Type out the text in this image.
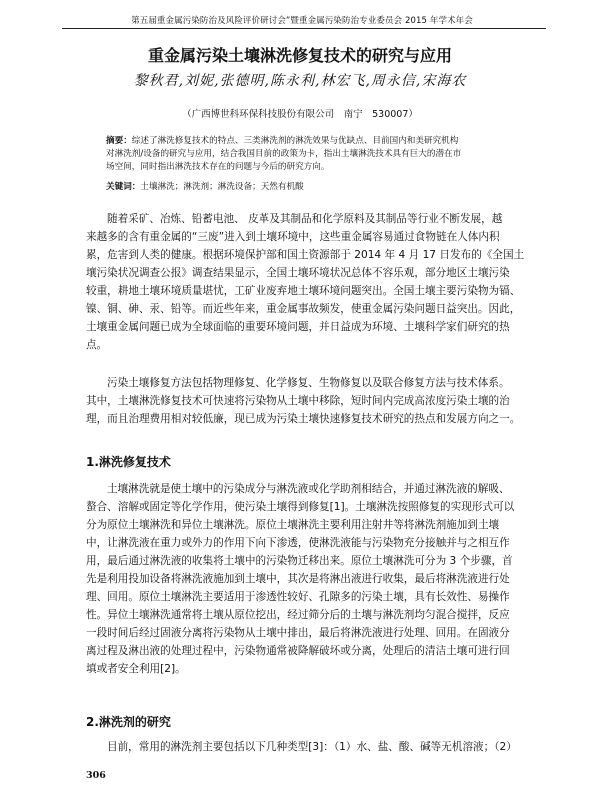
第五届重金属污染防治及风险评价研讨会”暨重金属污染防治专业委员会 2015 年学术年会
重金属污染土壤淋洗修复技术的研究与应用
黎秋君,刘妮,张德明,陈永利,林宏飞,周永信,宋海农
（广西博世科环保科技股份有限公司　南宁　530007）
摘要：综述了淋洗修复技术的特点、三类淋洗剂的淋洗效果与优缺点、目前国内和美研究机构
对淋洗剂/设备的研究与应用，结合我国目前的政策为卡，指出土壤淋洗技术具有巨大的潜在市
场空间，同时指出淋洗技术存在的问题与今后的研究方向。
关键词：土壤淋洗；淋洗剂；淋洗设备；天然有机酸
随着采矿、冶炼、铅蓄电池、 皮革及其制品和化学原料及其制品等行业不断发展，越
来越多的含有重金属的“三废”进入到土壤环境中，这些重金属容易通过食物链在人体内积
累，危害到人类的健康。根据环境保护部和国土资源部于 2014 年 4 月 17 日发布的《全国土
壤污染状况调查公报》调查结果显示，全国土壤环境状况总体不容乐观，部分地区土壤污染
较重，耕地土壤环境质量堪忧，工矿业废弃地土壤环境问题突出。全国土壤主要污染物为镉、
镍、铜、砷、汞、铅等。而近些年来，重金属事故频发，使重金属污染问题日益突出。因此，
土壤重金属问题已成为全球面临的重要环境问题，并日益成为环境、土壤科学家们研究的热
点。
污染土壤修复方法包括物理修复、化学修复、生物修复以及联合修复方法与技术体系。
其中，土壤淋洗修复技术可快速将污染物从土壤中移除，短时间内完成高浓度污染土壤的治
理，而且治理费用相对较低廉，现已成为污染土壤快速修复技术研究的热点和发展方向之一。
1.淋洗修复技术
土壤淋洗就是使土壤中的污染成分与淋洗液或化学助剂相结合，并通过淋洗液的解吸、
螯合、溶解或固定等化学作用，使污染土壤得到修复[1]。土壤淋洗按照修复的实现形式可以
分为原位土壤淋洗和异位土壤淋洗。原位土壤淋洗主要利用注射井等将淋洗剂施加到土壤
中，让淋洗液在重力或外力的作用下向下渗透，使淋洗液能与污染物充分接触并与之相互作
用，最后通过淋洗液的收集将土壤中的污染物迁移出来。原位土壤淋洗可分为 3 个步骤，首
先是利用投加设备将淋洗液施加到土壤中，其次是将淋出液进行收集，最后将淋洗液进行处
理、回用。原位土壤淋洗主要适用于渗透性较好、孔隙多的污染土壤，具有长效性、易操作
性。异位土壤淋洗通常将土壤从原位挖出，经过筛分后的土壤与淋洗剂均匀混合搅拌，反应
一段时间后经过固液分离将污染物从土壤中排出，最后将淋洗液进行处理、回用。在固液分
离过程及淋出液的处理过程中，污染物通常被降解破坏或分离，处理后的清洁土壤可进行回
填或者安全利用[2]。
2.淋洗剂的研究
目前，常用的淋洗剂主要包括以下几种类型[3]：（1）水、盐、酸、碱等无机溶液；（2）
306
